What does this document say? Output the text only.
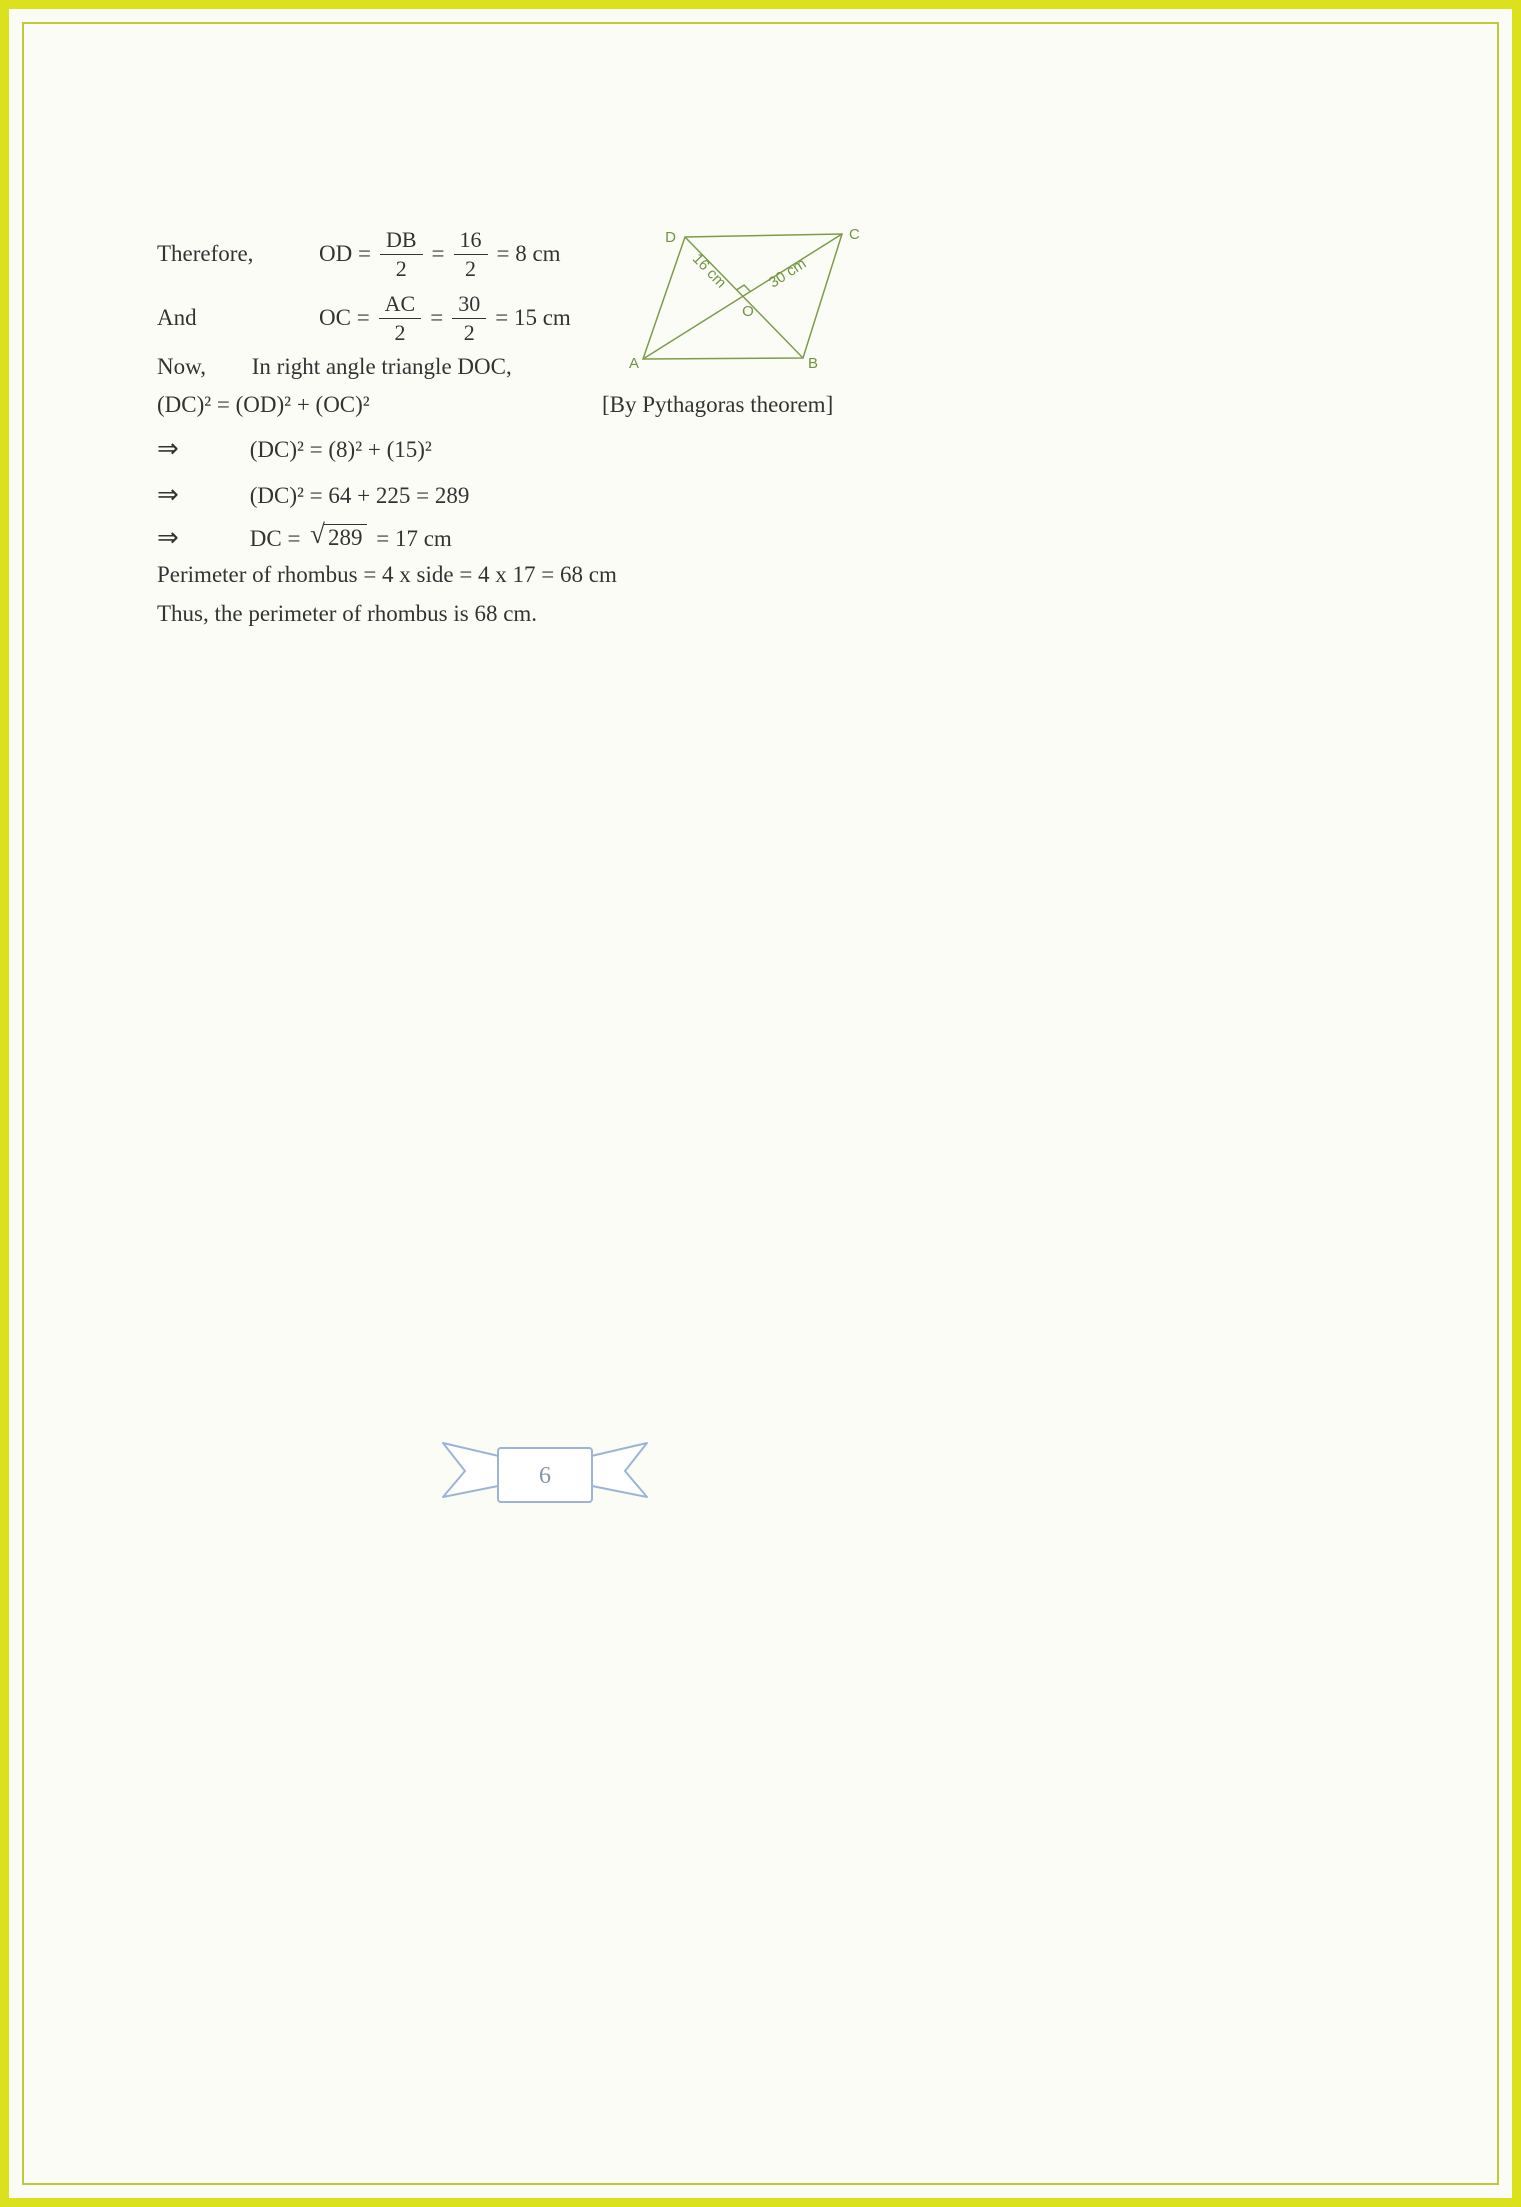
Therefore,	OD = $\frac{DB}{2} = \frac{16}{2} = 8$ cm
And	OC = $\frac{AC}{2} = \frac{30}{2} = 15$ cm
Now, In right angle triangle DOC,
(DC)² = (OD)² + (OC)²	[By Pythagoras theorem]
⇒	(DC)² = (8)² + (15)²
⇒	(DC)² = 64 + 225 = 289
⇒	DC = √ 289 = 17 cm
Perimeter of rhombus = 4 x side = 4 x 17 = 68 cm
Thus, the perimeter of rhombus is 68 cm.
D	C
A	B
O
16 cm 30 cm
6
